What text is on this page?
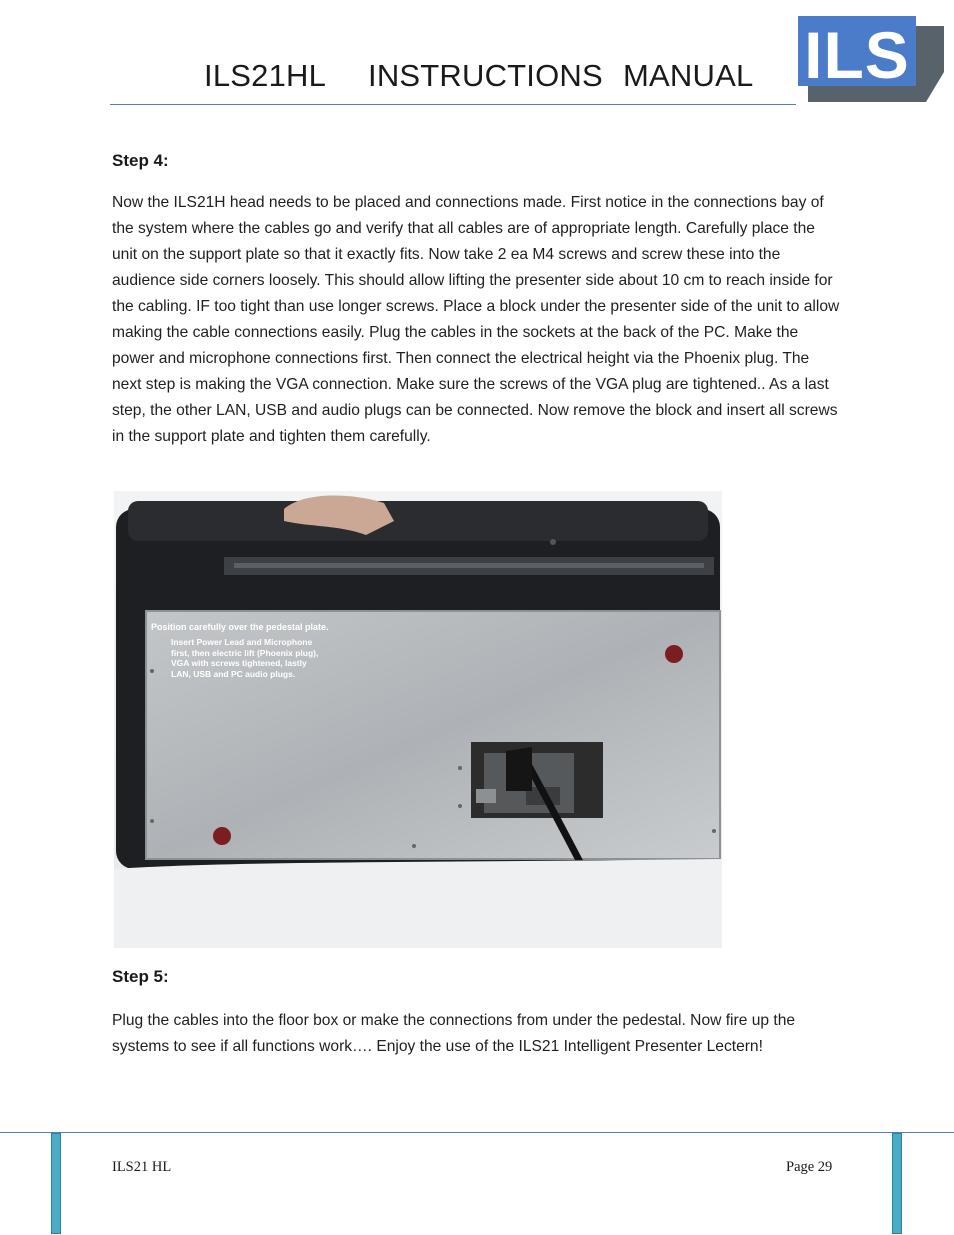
ILS21HL INSTRUCTIONS MANUAL ILS
Step 4:
Now the ILS21H head needs to be placed and connections made. First notice in the connections bay of the system where the cables go and verify that all cables are of appropriate length. Carefully place the unit on the support plate so that it exactly fits. Now take 2 ea M4 screws and screw these into the audience side corners loosely. This should allow lifting the presenter side about 10 cm to reach inside for the cabling. IF too tight than use longer screws. Place a block under the presenter side of the unit to allow making the cable connections easily. Plug the cables in the sockets at the back of the PC. Make the power and microphone connections first. Then connect the electrical height via the Phoenix plug. The next step is making the VGA connection. Make sure the screws of the VGA plug are tightened.. As a last step, the other LAN, USB and audio plugs can be connected. Now remove the block and insert all screws in the support plate and tighten them carefully.
Position carefully over the pedestal plate.
Insert Power Lead and Microphone
first, then electric lift (Phoenix plug),
VGA with screws tightened, lastly
LAN, USB and PC audio plugs.
Step 5:
Plug the cables into the floor box or make the connections from under the pedestal. Now fire up the systems to see if all functions work…. Enjoy the use of the ILS21 Intelligent Presenter Lectern!
ILS21 HL	Page 29
